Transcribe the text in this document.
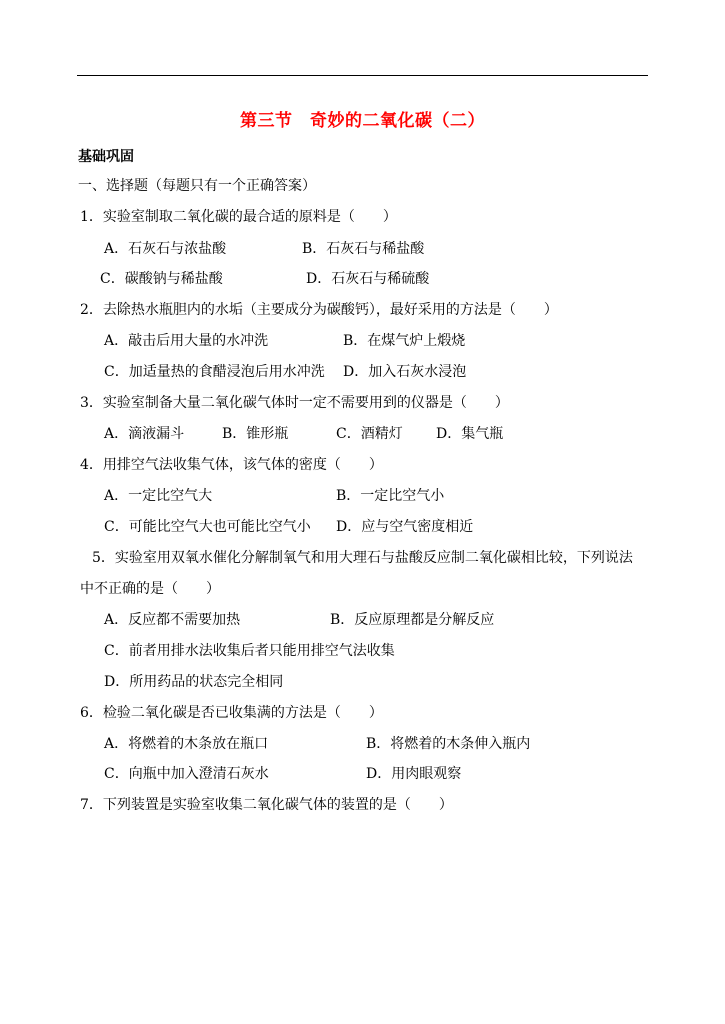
第三节　奇妙的二氧化碳（二）
基础巩固
一、选择题（每题只有一个正确答案）
1．实验室制取二氧化碳的最合适的原料是（　　）
A．石灰石与浓盐酸	B．石灰石与稀盐酸
C．碳酸钠与稀盐酸	D．石灰石与稀硫酸
2．去除热水瓶胆内的水垢（主要成分为碳酸钙），最好采用的方法是（　　）
A．敲击后用大量的水冲洗	B．在煤气炉上煅烧
C．加适量热的食醋浸泡后用水冲洗 D．加入石灰水浸泡
3．实验室制备大量二氧化碳气体时一定不需要用到的仪器是（　　）
A．滴液漏斗	B．锥形瓶	C．酒精灯 D．集气瓶
4．用排空气法收集气体，该气体的密度（　　）
A．一定比空气大	B．一定比空气小
C．可能比空气大也可能比空气小 D．应与空气密度相近
5．实验室用双氧水催化分解制氧气和用大理石与盐酸反应制二氧化碳相比较，下列说法
中不正确的是（　　）
A．反应都不需要加热	B．反应原理都是分解反应
C．前者用排水法收集后者只能用排空气法收集
D．所用药品的状态完全相同
6．检验二氧化碳是否已收集满的方法是（　　）
A．将燃着的木条放在瓶口	B．将燃着的木条伸入瓶内
C．向瓶中加入澄清石灰水	D．用肉眼观察
7．下列装置是实验室收集二氧化碳气体的装置的是（　　）
